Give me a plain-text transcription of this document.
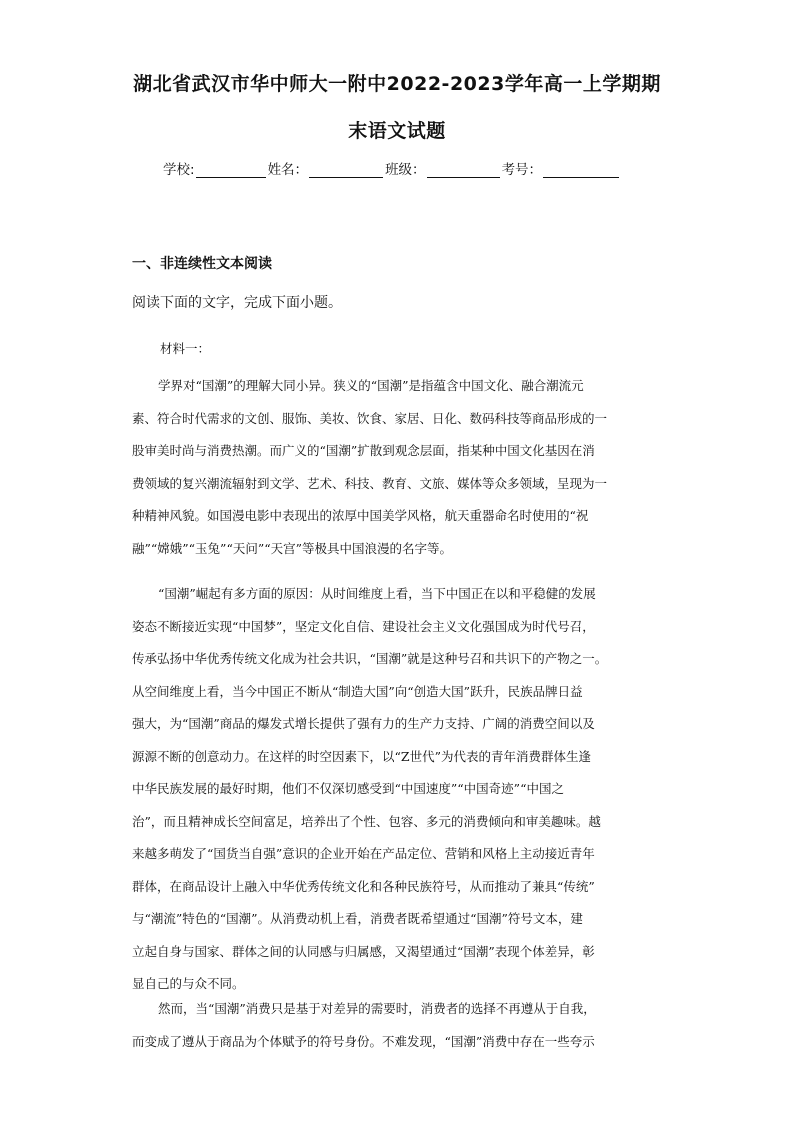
湖北省武汉市华中师大一附中2022-2023学年高一上学期期
末语文试题
学校:	姓名：	班级：	考号：
一、非连续性文本阅读

阅读下面的文字，完成下面小题。

材料一：

学界对“国潮”的理解大同小异。狭义的“国潮”是指蕴含中国文化、融合潮流元
素、符合时代需求的文创、服饰、美妆、饮食、家居、日化、数码科技等商品形成的一
股审美时尚与消费热潮。而广义的“国潮”扩散到观念层面，指某种中国文化基因在消
费领域的复兴潮流辐射到文学、艺术、科技、教育、文旅、媒体等众多领域，呈现为一
种精神风貌。如国漫电影中表现出的浓厚中国美学风格，航天重器命名时使用的“祝
融”“嫦娥”“玉兔”“天问”“天宫”等极具中国浪漫的名字等。
“国潮”崛起有多方面的原因：从时间维度上看，当下中国正在以和平稳健的发展
姿态不断接近实现“中国梦”，坚定文化自信、建设社会主义文化强国成为时代号召，
传承弘扬中华优秀传统文化成为社会共识，“国潮”就是这种号召和共识下的产物之一。
从空间维度上看，当今中国正不断从“制造大国”向“创造大国”跃升，民族品牌日益
强大，为“国潮”商品的爆发式增长提供了强有力的生产力支持、广阔的消费空间以及
源源不断的创意动力。在这样的时空因素下，以“Z世代”为代表的青年消费群体生逢
中华民族发展的最好时期，他们不仅深切感受到“中国速度”“中国奇迹”“中国之
治”，而且精神成长空间富足，培养出了个性、包容、多元的消费倾向和审美趣味。越
来越多萌发了“国货当自强”意识的企业开始在产品定位、营销和风格上主动接近青年
群体，在商品设计上融入中华优秀传统文化和各种民族符号，从而推动了兼具“传统”
与“潮流”特色的“国潮”。从消费动机上看，消费者既希望通过“国潮”符号文本，建
立起自身与国家、群体之间的认同感与归属感，又渴望通过“国潮”表现个体差异，彰
显自己的与众不同。
然而，当“国潮”消费只是基于对差异的需要时，消费者的选择不再遵从于自我，
而变成了遵从于商品为个体赋予的符号身份。不难发现，“国潮”消费中存在一些夸示
